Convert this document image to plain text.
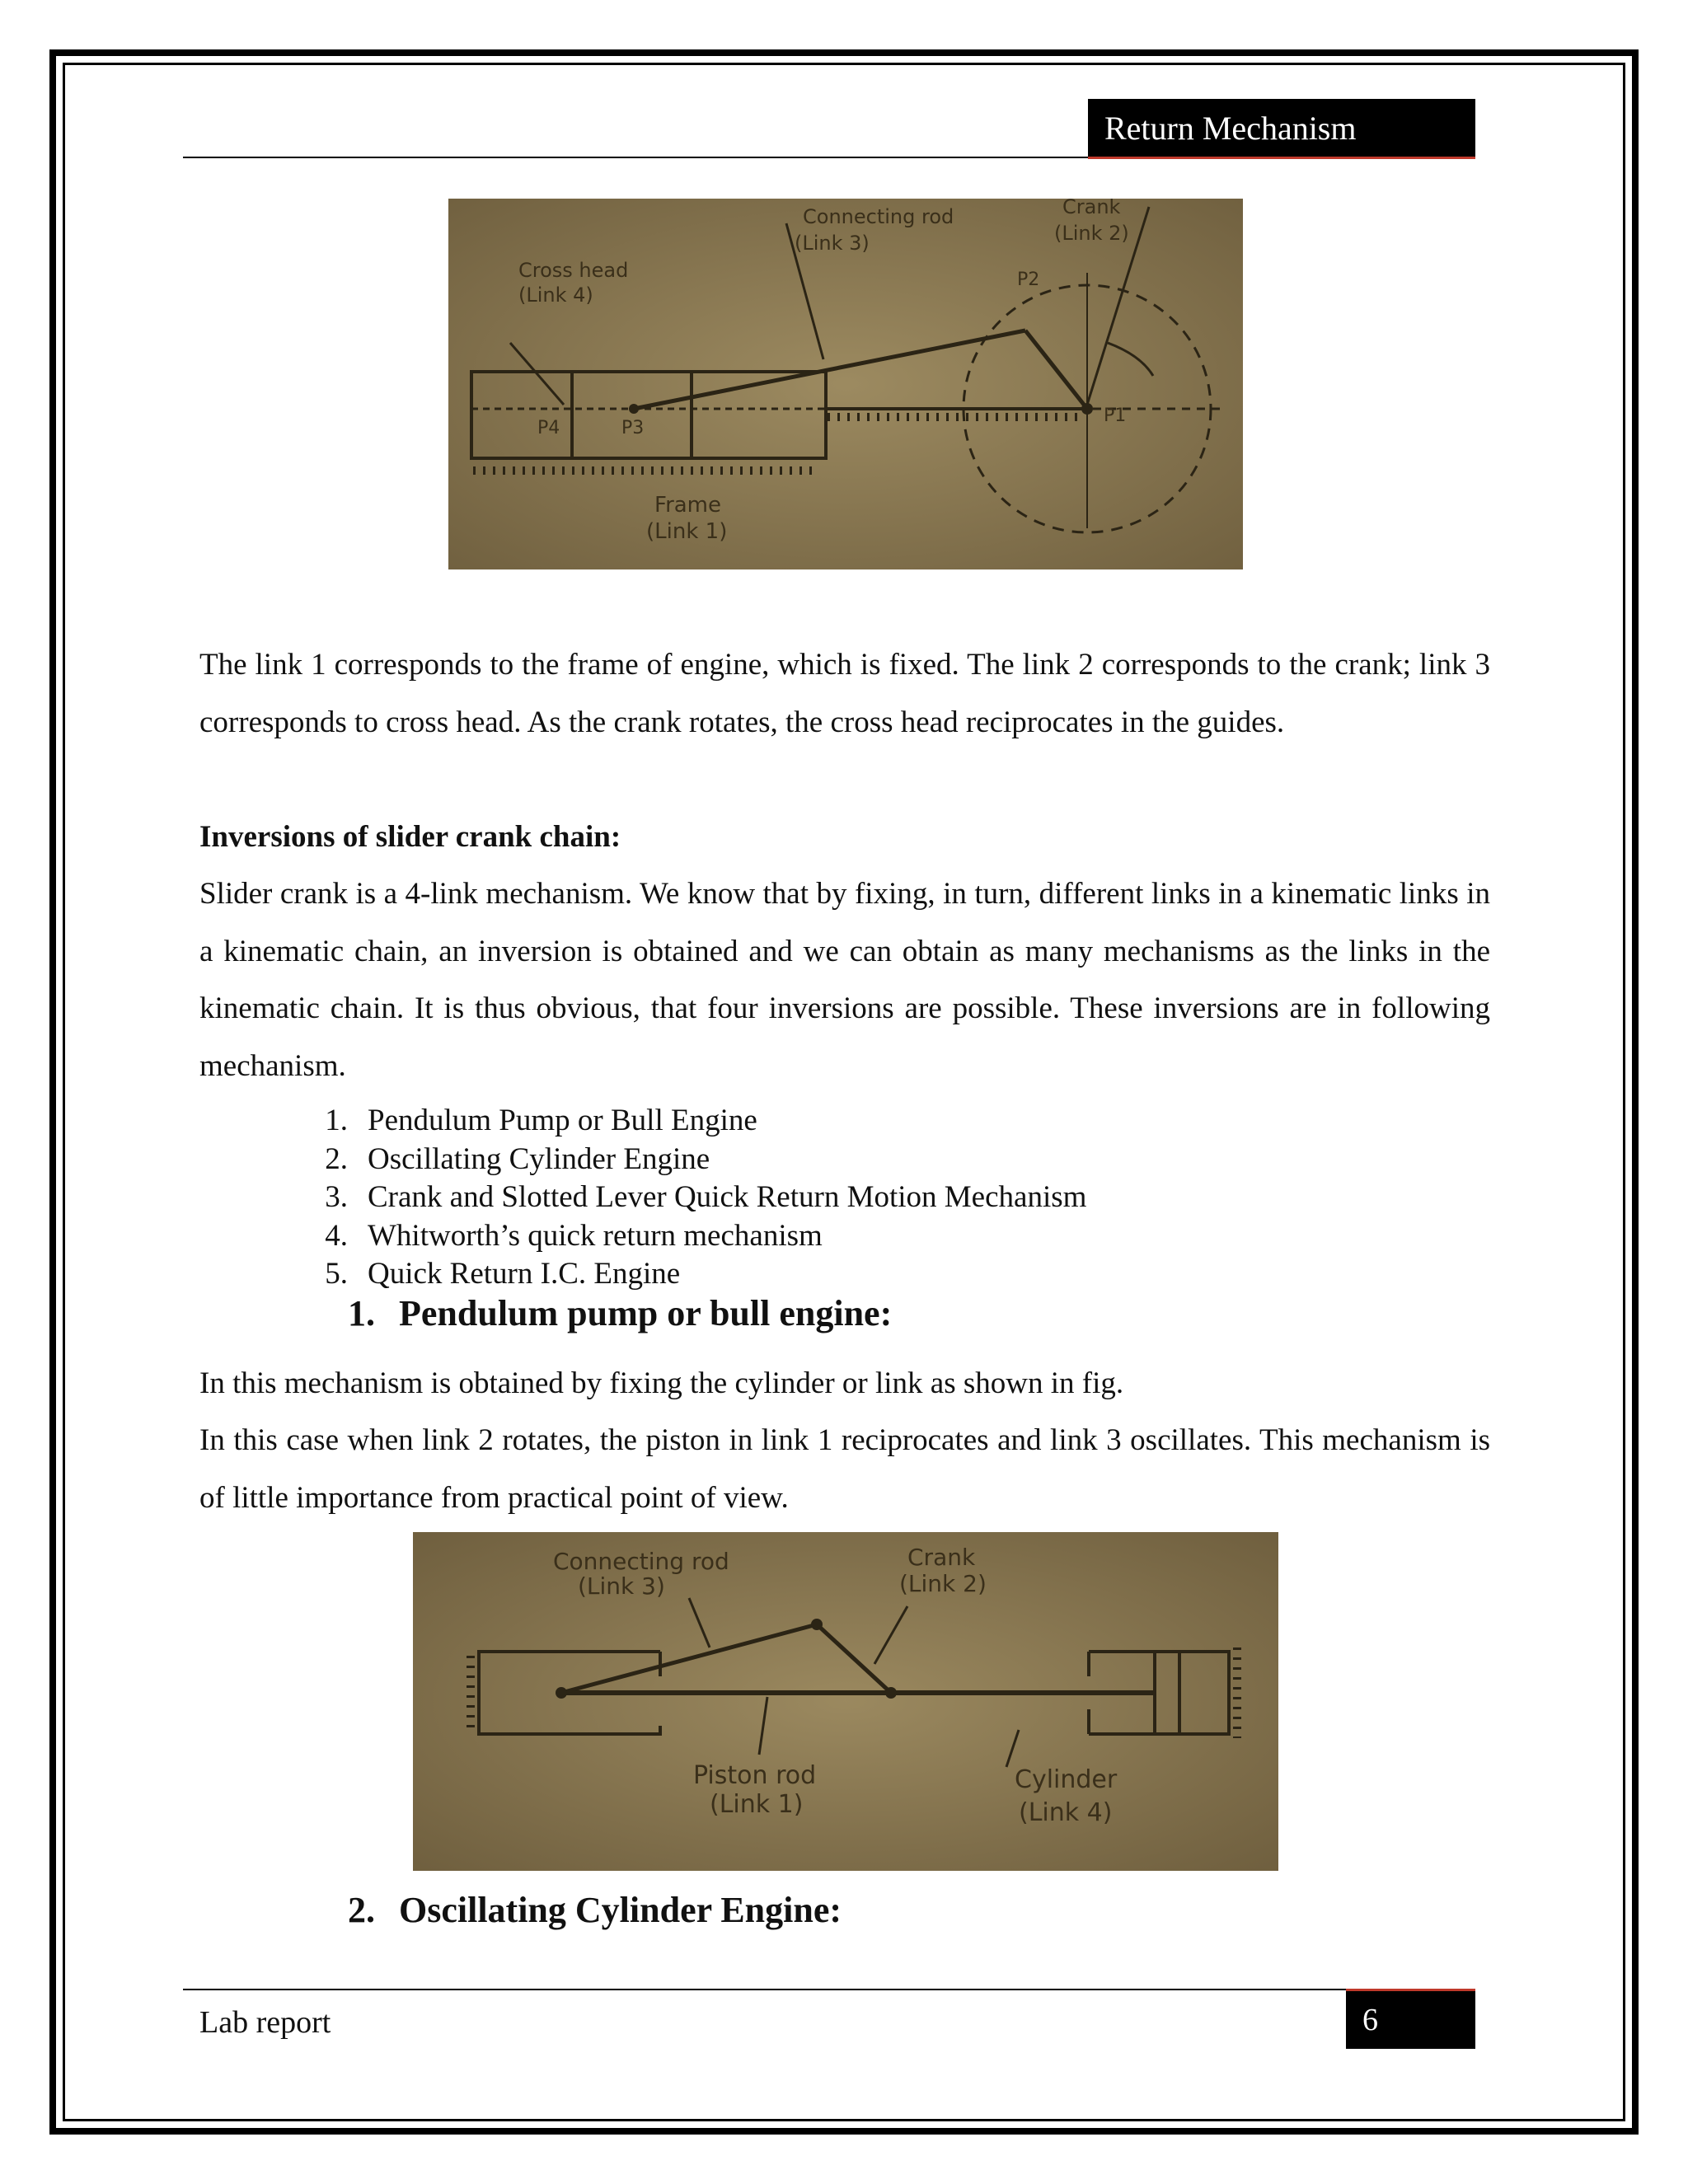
Return Mechanism
Connecting rod
(Link 3)
Crank
(Link 2)
Cross head
(Link 4)
P4	P3
P2
P1
Frame
(Link 1)
The link 1 corresponds to the frame of engine, which is fixed. The link 2 corresponds to the crank; link 3 corresponds to cross head. As the crank rotates, the cross head reciprocates in the guides.
Inversions of slider crank chain:
Slider crank is a 4-link mechanism. We know that by fixing, in turn, different links in a kinematic links in a kinematic chain, an inversion is obtained and we can obtain as many mechanisms as the links in the kinematic chain. It is thus obvious, that four inversions are possible. These inversions are in following mechanism.
1. Pendulum Pump or Bull Engine
2. Oscillating Cylinder Engine
3. Crank and Slotted Lever Quick Return Motion Mechanism
4. Whitworth’s quick return mechanism
5. Quick Return I.C. Engine
1. Pendulum pump or bull engine:
In this mechanism is obtained by fixing the cylinder or link as shown in fig.
In this case when link 2 rotates, the piston in link 1 reciprocates and link 3 oscillates. This mechanism is of little importance from practical point of view.
Connecting rod
(Link 3)
Crank
(Link 2)
Piston rod
(Link 1)
Cylinder
(Link 4)
2. Oscillating Cylinder Engine:
Lab report	6
